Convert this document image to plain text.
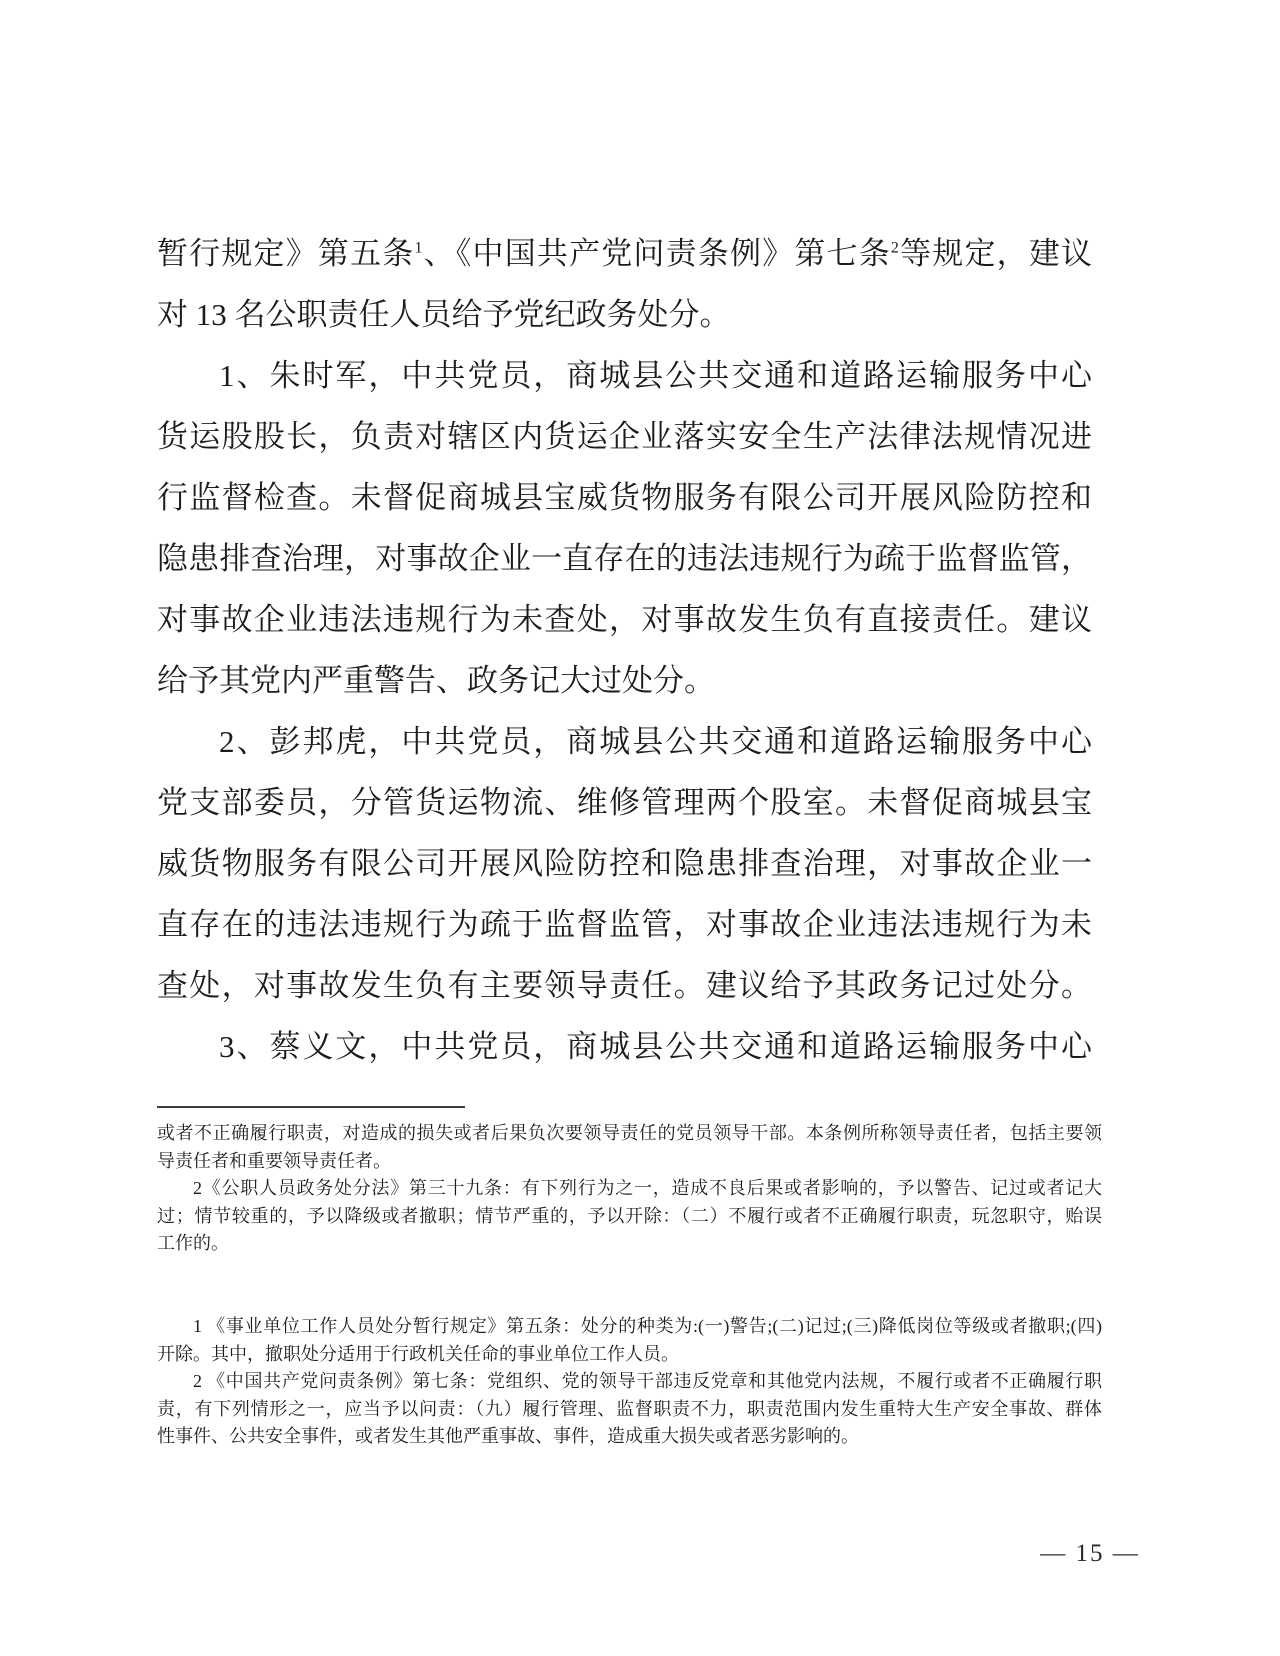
暂行规定》第五条$^1$、《中国共产党问责条例》第七条$^2$等规定，建议
对 13 名公职责任人员给予党纪政务处分。
1、朱时军，中共党员，商城县公共交通和道路运输服务中心
货运股股长，负责对辖区内货运企业落实安全生产法律法规情况进
行监督检查。未督促商城县宝威货物服务有限公司开展风险防控和
隐患排查治理，对事故企业一直存在的违法违规行为疏于监督监管，
对事故企业违法违规行为未查处，对事故发生负有直接责任。建议
给予其党内严重警告、政务记大过处分。
2、彭邦虎，中共党员，商城县公共交通和道路运输服务中心
党支部委员，分管货运物流、维修管理两个股室。未督促商城县宝
威货物服务有限公司开展风险防控和隐患排查治理，对事故企业一
直存在的违法违规行为疏于监督监管，对事故企业违法违规行为未
查处，对事故发生负有主要领导责任。建议给予其政务记过处分。
3、蔡义文，中共党员，商城县公共交通和道路运输服务中心
或者不正确履行职责，对造成的损失或者后果负次要领导责任的党员领导干部。本条例所称领导责任者，包括主要领
导责任者和重要领导责任者。
2《公职人员政务处分法》第三十九条：有下列行为之一，造成不良后果或者影响的，予以警告、记过或者记大
过；情节较重的，予以降级或者撤职；情节严重的，予以开除：（二）不履行或者不正确履行职责，玩忽职守，贻误
工作的。
1 《事业单位工作人员处分暂行规定》第五条：处分的种类为:(一)警告;(二)记过;(三)降低岗位等级或者撤职;(四)
开除。其中，撤职处分适用于行政机关任命的事业单位工作人员。
2 《中国共产党问责条例》第七条：党组织、党的领导干部违反党章和其他党内法规，不履行或者不正确履行职
责，有下列情形之一，应当予以问责：（九）履行管理、监督职责不力，职责范围内发生重特大生产安全事故、群体
性事件、公共安全事件，或者发生其他严重事故、事件，造成重大损失或者恶劣影响的。
— 15 —
